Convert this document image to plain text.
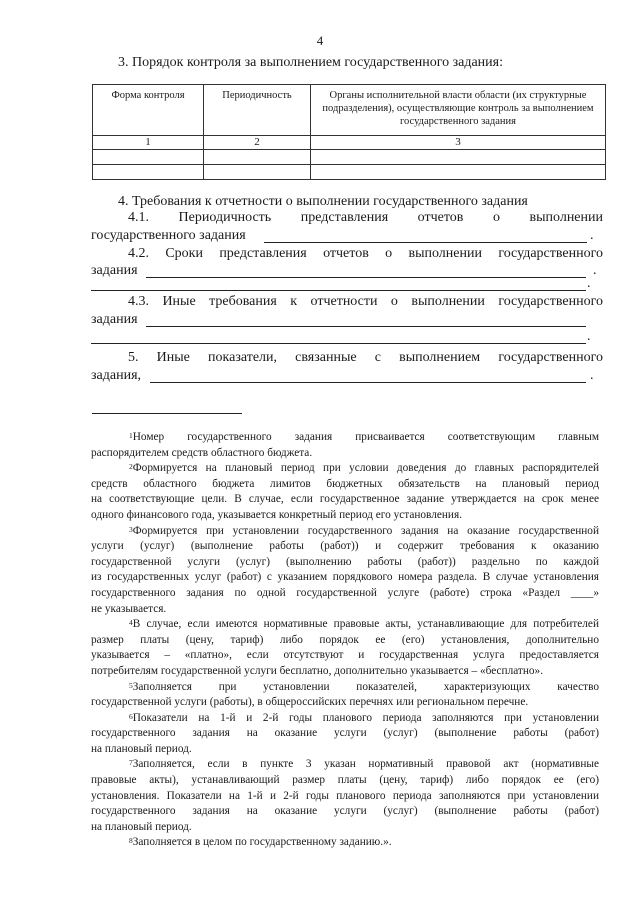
4
3. Порядок контроля за выполнением государственного задания:
Форма контроля	Периодичность	Органы исполнительной власти области (их структурные подразделения), осуществляющие контроль за выполнением государственного задания
1	2	3

4. Требования к отчетности о выполнении государственного задания
4.1. Периодичность представления отчетов о выполнении
государственного задания	.
4.2. Сроки представления отчетов о выполнении государственного
задания	.
.
4.3. Иные требования к отчетности о выполнении государственного
задания
.
5. Иные показатели, связанные с выполнением государственного
задания,	.
$^1$Номер государственного задания присваивается соответствующим главным
распорядителем средств областного бюджета.
$^2$Формируется на плановый период при условии доведения до главных распорядителей
средств областного бюджета лимитов бюджетных обязательств на плановый период
на соответствующие цели. В случае, если государственное задание утверждается на срок менее
одного финансового года, указывается конкретный период его установления.
$^3$Формируется при установлении государственного задания на оказание государственной
услуги (услуг) (выполнение работы (работ)) и содержит требования к оказанию
государственной услуги (услуг) (выполнению работы (работ)) раздельно по каждой
из государственных услуг (работ) с указанием порядкового номера раздела. В случае установления
государственного задания по одной государственной услуге (работе) строка «Раздел ____»
не указывается.
$^4$В случае, если имеются нормативные правовые акты, устанавливающие для потребителей
размер платы (цену, тариф) либо порядок ее (его) установления, дополнительно
указывается – «платно», если отсутствуют и государственная услуга предоставляется
потребителям государственной услуги бесплатно, дополнительно указывается – «бесплатно».
$^5$Заполняется при установлении показателей, характеризующих качество
государственной услуги (работы), в общероссийских перечнях или региональном перечне.
$^6$Показатели на 1-й и 2-й годы планового периода заполняются при установлении
государственного задания на оказание услуги (услуг) (выполнение работы (работ)
на плановый период.
$^7$Заполняется, если в пункте 3 указан нормативный правовой акт (нормативные
правовые акты), устанавливающий размер платы (цену, тариф) либо порядок ее (его)
установления. Показатели на 1-й и 2-й годы планового периода заполняются при установлении
государственного задания на оказание услуги (услуг) (выполнение работы (работ)
на плановый период.
$^8$Заполняется в целом по государственному заданию.».
